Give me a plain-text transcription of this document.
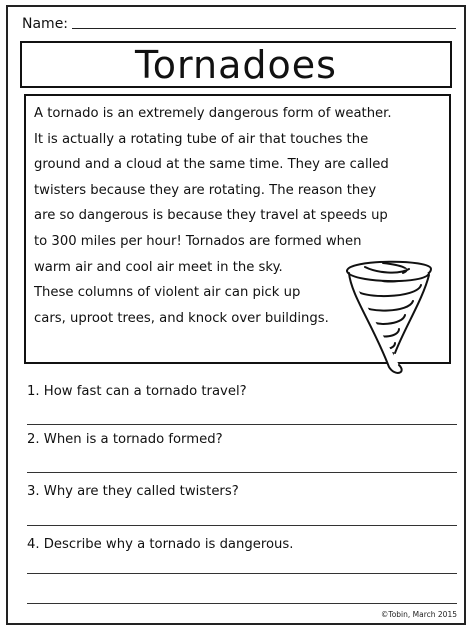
Name:
Tornadoes

A tornado is an extremely dangerous form of weather.

It is actually a rotating tube of air that touches the

ground and a cloud at the same time. They are called

twisters because they are rotating. The reason they

are so dangerous is because they travel at speeds up

to 300 miles per hour! Tornados are formed when

warm air and cool air meet in the sky.

These columns of violent air can pick up

cars, uproot trees, and knock over buildings.

1. How fast can a tornado travel?
2. When is a tornado formed?
3. Why are they called twisters?
4. Describe why a tornado is dangerous.
©Tobin, March 2015
